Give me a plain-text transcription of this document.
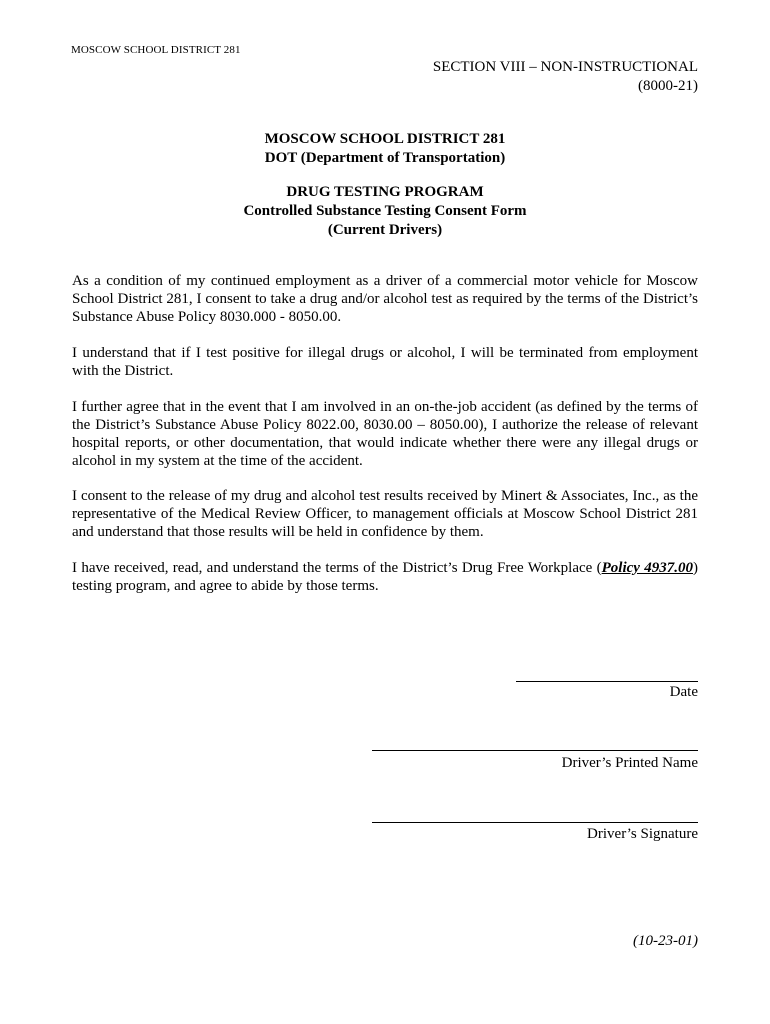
MOSCOW SCHOOL DISTRICT 281
SECTION VIII – NON-INSTRUCTIONAL
(8000-21)
MOSCOW SCHOOL DISTRICT 281
DOT (Department of Transportation)
DRUG TESTING PROGRAM
Controlled Substance Testing Consent Form
(Current Drivers)
As a condition of my continued employment as a driver of a commercial motor vehicle for Moscow School District 281, I consent to take a drug and/or alcohol test as required by the terms of the District’s Substance Abuse Policy 8030.000 - 8050.00.
I understand that if I test positive for illegal drugs or alcohol, I will be terminated from employment with the District.
I further agree that in the event that I am involved in an on-the-job accident (as defined by the terms of the District’s Substance Abuse Policy 8022.00, 8030.00 – 8050.00), I authorize the release of relevant hospital reports, or other documentation, that would indicate whether there were any illegal drugs or alcohol in my system at the time of the accident.
I consent to the release of my drug and alcohol test results received by Minert & Associates, Inc., as the representative of the Medical Review Officer, to management officials at Moscow School District 281 and understand that those results will be held in confidence by them.
I have received, read, and understand the terms of the District’s Drug Free Workplace (Policy 4937.00) testing program, and agree to abide by those terms.
Date
Driver’s Printed Name
Driver’s Signature
(10-23-01)
